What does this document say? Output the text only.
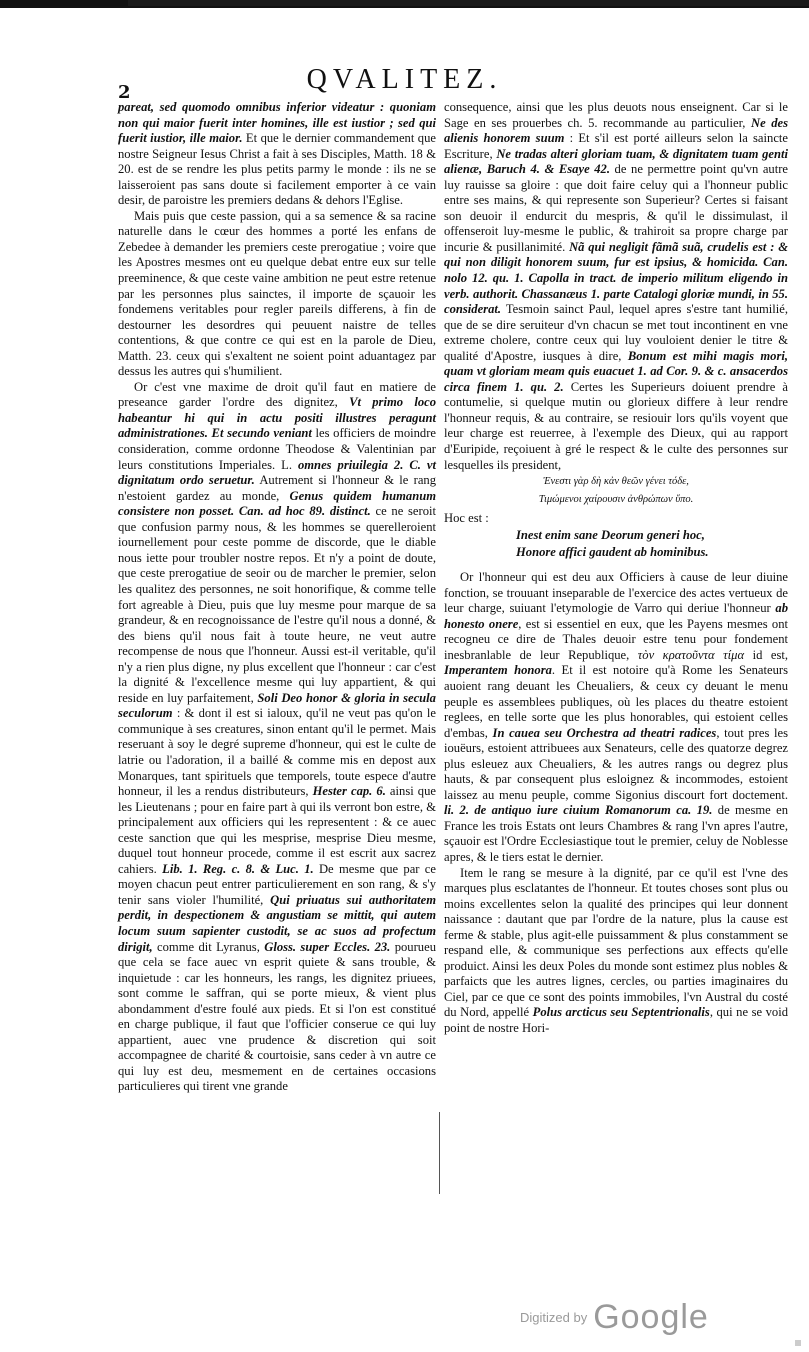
2	QVALITEZ.

pareat, sed quomodo omnibus inferior videatur : quoniam non qui maior fuerit inter homines, ille est iustior ; sed qui fuerit iustior, ille maior. Et que le dernier commandement que nostre Seigneur Iesus Christ a fait à ses Disciples, Matth. 18 & 20. est de se rendre les plus petits parmy le monde : ils ne se laisseroient pas sans doute si facilement emporter à ce vain desir, de paroistre les premiers dedans & dehors l'Eglise.

Mais puis que ceste passion, qui a sa semence & sa racine naturelle dans le cœur des hommes a porté les enfans de Zebedee à demander les premiers ceste prerogatiue ; voire que les Apostres mesmes ont eu quelque debat entre eux sur telle preeminence, & que ceste vaine ambition ne peut estre retenue par les personnes plus sainctes, il importe de sçauoir les fondemens veritables pour regler pareils differens, à fin de destourner les desordres qui peuuent naistre de telles contentions, & que contre ce qui est en la parole de Dieu, Matth. 23. ceux qui s'exaltent ne soient point aduantagez par dessus les autres qui s'humilient.

Or c'est vne maxime de droit qu'il faut en matiere de preseance garder l'ordre des dignitez, Vt primo loco habeantur hi qui in actu positi illustres peragunt administrationes. Et secundo veniant les officiers de moindre consideration, comme ordonne Theodose & Valentinian par leurs constitutions Imperiales. L. omnes priuilegia 2. C. vt dignitatum ordo seruetur. Autrement si l'honneur & le rang n'estoient gardez au monde, Genus quidem humanum consistere non posset. Can. ad hoc 89. distinct. ce ne seroit que confusion parmy nous, & les hommes se querelleroient iournellement pour ceste pomme de discorde, que le diable nous iette pour troubler nostre repos. Et n'y a point de doute, que ceste prerogatiue de seoir ou de marcher le premier, selon les qualitez des personnes, ne soit honorifique, & comme telle fort agreable à Dieu, puis que luy mesme pour marque de sa grandeur, & en recognoissance de l'estre qu'il nous a donné, & des biens qu'il nous fait à toute heure, ne veut autre recompense de nous que l'honneur. Aussi est-il veritable, qu'il n'y a rien plus digne, ny plus excellent que l'honneur : car c'est la dignité & l'excellence mesme qui luy appartient, & qui reside en luy parfaitement, Soli Deo honor & gloria in secula seculorum : & dont il est si ialoux, qu'il ne veut pas qu'on le communique à ses creatures, sinon entant qu'il le permet. Mais reseruant à soy le degré supreme d'honneur, qui est le culte de latrie ou l'adoration, il a baillé & comme mis en depost aux Monarques, tant spirituels que temporels, toute espece d'autre honneur, il les a rendus distributeurs, Hester cap. 6. ainsi que les Lieutenans ; pour en faire part à qui ils verront bon estre, & principalement aux officiers qui les representent : & ce auec ceste sanction que qui les mesprise, mesprise Dieu mesme, duquel tout honneur procede, comme il est escrit aux sacrez cahiers. Lib. 1. Reg. c. 8. & Luc. 1. De mesme que par ce moyen chacun peut entrer particulierement en son rang, & s'y tenir sans violer l'humilité, Qui priuatus sui authoritatem perdit, in despectionem & angustiam se mittit, qui autem locum suum sapienter custodit, se ac suos ad profectum dirigit, comme dit Lyranus, Gloss. super Eccles. 23. pourueu que cela se face auec vn esprit quiete & sans trouble, & inquietude : car les honneurs, les rangs, les dignitez priuees, sont comme le saffran, qui se porte mieux, & vient plus abondamment d'estre foulé aux pieds. Et si l'on est constitué en charge publique, il faut que l'officier conserue ce qui luy appartient, auec vne prudence & discretion qui soit accompagnee de charité & courtoisie, sans ceder à vn autre ce qui luy est deu, mesmement en de certaines occasions particulieres qui tirent vne grande

consequence, ainsi que les plus deuots nous enseignent. Car si le Sage en ses prouerbes ch. 5. recommande au particulier, Ne des alienis honorem suum : Et s'il est porté ailleurs selon la saincte Escriture, Ne tradas alteri gloriam tuam, & dignitatem tuam genti alienæ, Baruch 4. & Esaye 42. de ne permettre point qu'vn autre luy rauisse sa gloire : que doit faire celuy qui a l'honneur public entre ses mains, & qui represente son Superieur? Certes si faisant son deuoir il endurcit du mespris, & qu'il le dissimulast, il offenseroit luy-mesme le public, & trahiroit sa propre charge par incurie & pusillanimité. Nã qui negligit fãmã suã, crudelis est : & qui non diligit honorem suum, fur est ipsius, & homicida. Can. nolo 12. qu. 1. Capolla in tract. de imperio militum eligendo in verb. authorit. Chassanæus 1. parte Catalogi gloriæ mundi, in 55. considerat. Tesmoin sainct Paul, lequel apres s'estre tant humilié, que de se dire seruiteur d'vn chacun se met tout incontinent en vne extreme cholere, contre ceux qui luy vouloient denier le titre & qualité d'Apostre, iusques à dire, Bonum est mihi magis mori, quam vt gloriam meam quis euacuet 1. ad Cor. 9. & c. ansacerdos circa finem 1. qu. 2. Certes les Superieurs doiuent prendre à contumelie, si quelque mutin ou glorieux differe à leur rendre l'honneur requis, & au contraire, se resiouir lors qu'ils voyent que leur charge est reuerree, à l'exemple des Dieux, qui au rapport d'Euripide, reçoiuent à gré le respect & le culte des personnes sur lesquelles ils president,

Ἐνεστι γὰρ δὴ κἀν θεῶν γένει τόδε,
Τιμώμενοι χαίρουσιν ἀνθρώπων ὕπο.
Hoc est :
Inest enim sane Deorum generi hoc,
Honore affici gaudent ab hominibus.

Or l'honneur qui est deu aux Officiers à cause de leur diuine fonction, se trouuant inseparable de l'exercice des actes vertueux de leur charge, suiuant l'etymologie de Varro qui deriue l'honneur ab honesto onere, est si essentiel en eux, que les Payens mesmes ont recogneu ce dire de Thales deuoir estre tenu pour fondement inesbranlable de leur Republique, τὸν κρατοῦντα τίμα id est, Imperantem honora. Et il est notoire qu'à Rome les Senateurs auoient rang deuant les Cheualiers, & ceux cy deuant le menu peuple es assemblees publiques, où les places du theatre estoient reglees, en telle sorte que les plus honorables, qui estoient celles d'embas, In cauea seu Orchestra ad theatri radices, tout pres les iouëurs, estoient attribuees aux Senateurs, celle des quatorze degrez plus esleuez aux Cheualiers, & les autres rangs ou degrez plus hauts, & par consequent plus esloignez & incommodes, estoient laissez au menu peuple, comme Sigonius discourt fort doctement. li. 2. de antiquo iure ciuium Romanorum ca. 19. de mesme en France les trois Estats ont leurs Chambres & rang l'vn apres l'autre, sçauoir est l'Ordre Ecclesiastique tout le premier, celuy de Noblesse apres, & le tiers estat le dernier.

Item le rang se mesure à la dignité, par ce qu'il est l'vne des marques plus esclatantes de l'honneur. Et toutes choses sont plus ou moins excellentes selon la qualité des principes qui leur donnent naissance : dautant que par l'ordre de la nature, plus la cause est ferme & stable, plus agit-elle puissamment & plus constamment se respand elle, & communique ses perfections aux effects qu'elle produict. Ainsi les deux Poles du monde sont estimez plus nobles & parfaicts que les autres lignes, cercles, ou parties imaginaires du Ciel, par ce que ce sont des points immobiles, l'vn Austral du costé du Nord, appellé Polus arcticus seu Septentrionalis, qui ne se void point de nostre Hori-

Digitized by Google
